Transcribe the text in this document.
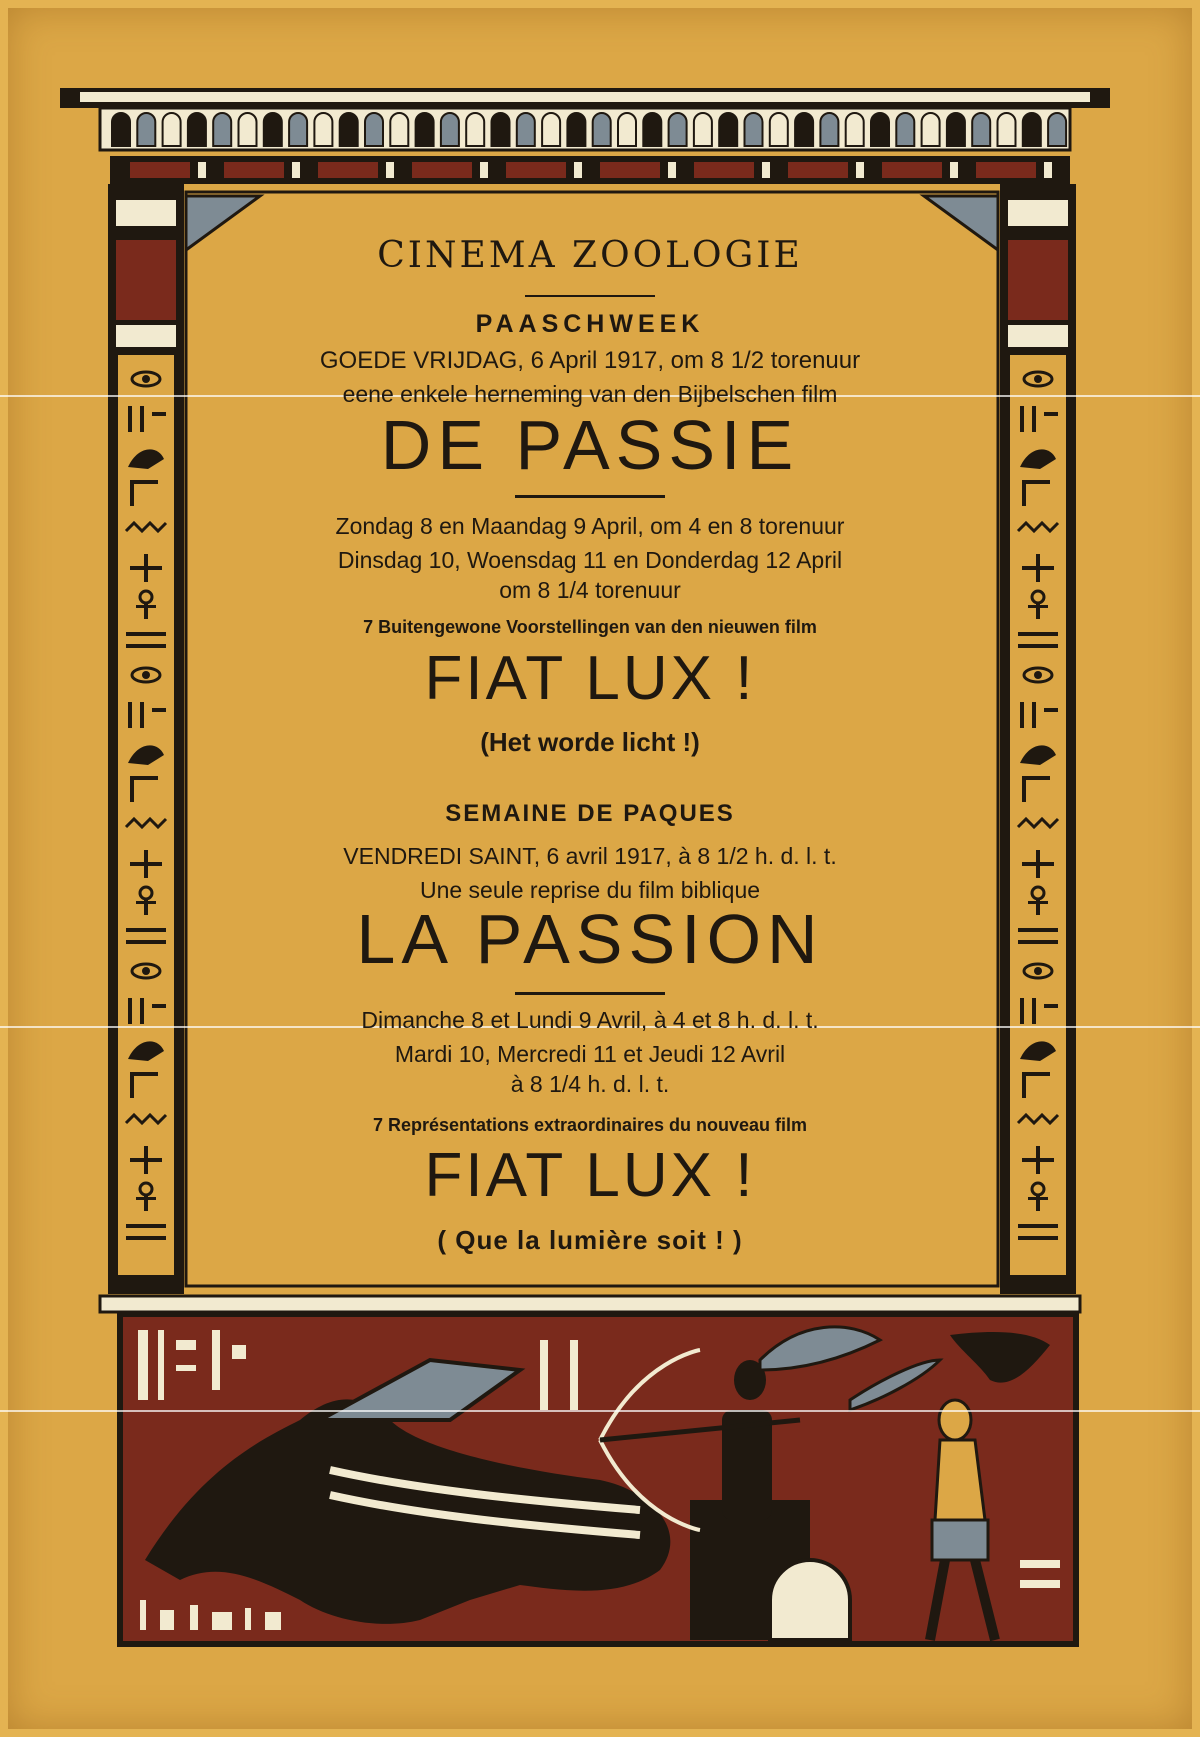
CINEMA ZOOLOGIE
PAASCHWEEK
GOEDE VRIJDAG, 6 April 1917, om 8 1/2 torenuur
eene enkele herneming van den Bijbelschen film
DE PASSIE
Zondag 8 en Maandag 9 April, om 4 en 8 torenuur
Dinsdag 10, Woensdag 11 en Donderdag 12 April
om 8 1/4 torenuur
7 Buitengewone Voorstellingen van den nieuwen film
FIAT LUX !
(Het worde licht !)
SEMAINE DE PAQUES
VENDREDI SAINT, 6 avril 1917, à 8 1/2 h. d. l. t.
Une seule reprise du film biblique
LA PASSION
Dimanche 8 et Lundi 9 Avril, à 4 et 8 h. d. l. t.
Mardi 10, Mercredi 11 et Jeudi 12 Avril
à 8 1/4 h. d. l. t.
7 Représentations extraordinaires du nouveau film
FIAT LUX !
( Que la lumière soit ! )
